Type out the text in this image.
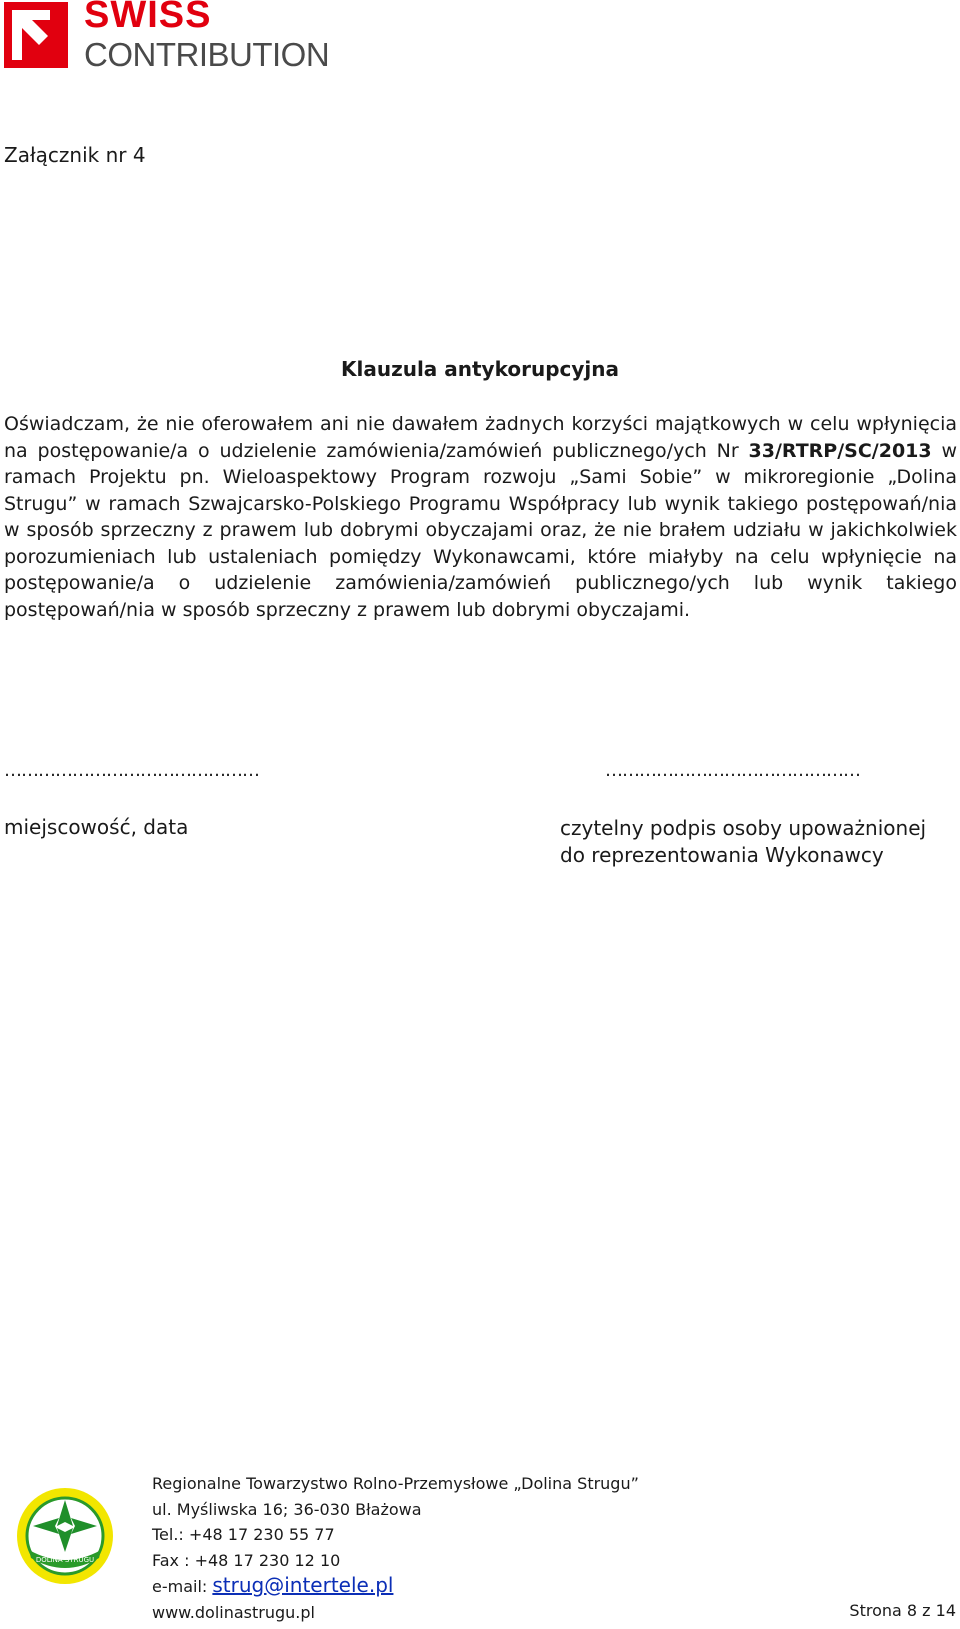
SWISS
CONTRIBUTION
Załącznik nr 4
Klauzula antykorupcyjna

Oświadczam, że nie oferowałem ani nie dawałem żadnych korzyści majątkowych w celu wpłynięcia na postępowanie/a o udzielenie zamówienia/zamówień publicznego/ych Nr 33/RTRP/SC/2013 w ramach Projektu pn. Wieloaspektowy Program rozwoju „Sami Sobie” w mikroregionie „Dolina Strugu” w ramach Szwajcarsko-Polskiego Programu Współpracy lub wynik takiego postępowań/nia w sposób sprzeczny z prawem lub dobrymi obyczajami oraz, że nie brałem udziału w jakichkolwiek porozumieniach lub ustaleniach pomiędzy Wykonawcami, które miałyby na celu wpłynięcie na postępowanie/a o udzielenie zamówienia/zamówień publicznego/ych lub wynik takiego postępowań/nia w sposób sprzeczny z prawem lub dobrymi obyczajami.

………………………………………	………………………………………
miejscowość, data	czytelny podpis osoby upoważnionej
do reprezentowania Wykonawcy
DOLINA STRUGU
Regionalne Towarzystwo Rolno-Przemysłowe „Dolina Strugu”
ul. Myśliwska 16; 36-030 Błażowa
Tel.: +48 17 230 55 77
Fax : +48 17 230 12 10
e-mail: strug@intertele.pl
www.dolinastrugu.pl	Strona 8 z 14
